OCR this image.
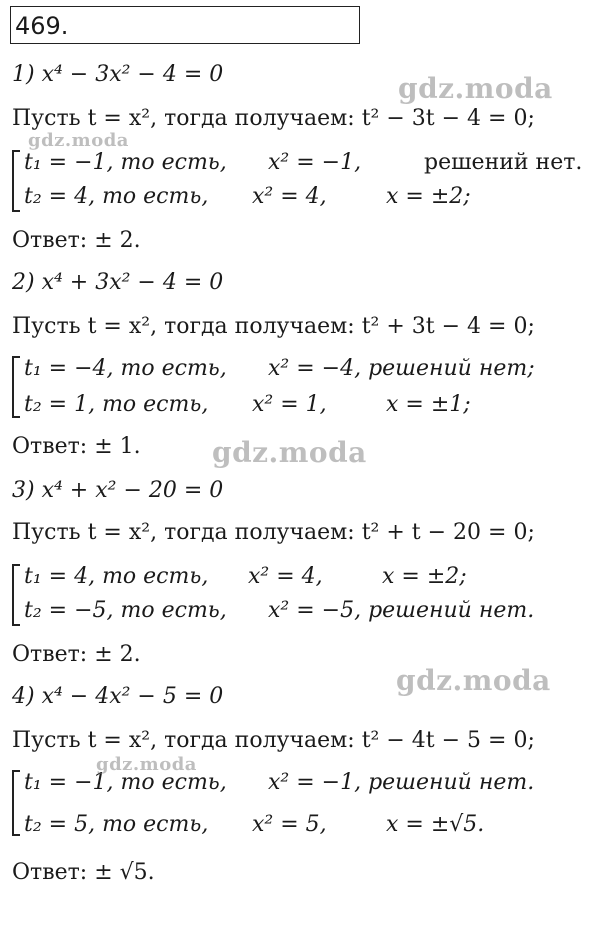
469.
1) x⁴ − 3x² − 4 = 0
Пусть t = x², тогда получаем: t² − 3t − 4 = 0;
t₁ = −1, то есть, x² = −1,	решений нет.
t₂ = 4, то есть, x² = 4,	x = ±2;
Ответ: ± 2.
2) x⁴ + 3x² − 4 = 0
Пусть t = x², тогда получаем: t² + 3t − 4 = 0;
t₁ = −4, то есть, x² = −4, решений нет;
t₂ = 1, то есть, x² = 1,	x = ±1;
Ответ: ± 1.
3) x⁴ + x² − 20 = 0
Пусть t = x², тогда получаем: t² + t − 20 = 0;
t₁ = 4, то есть, x² = 4,	x = ±2;
t₂ = −5, то есть, x² = −5, решений нет.
Ответ: ± 2.
4) x⁴ − 4x² − 5 = 0
Пусть t = x², тогда получаем: t² − 4t − 5 = 0;
t₁ = −1, то есть, x² = −1, решений нет.
t₂ = 5, то есть, x² = 5,	x = ±√5.
Ответ: ± √5.
gdz.moda
gdz.moda
gdz.moda
gdz.moda
gdz.moda
